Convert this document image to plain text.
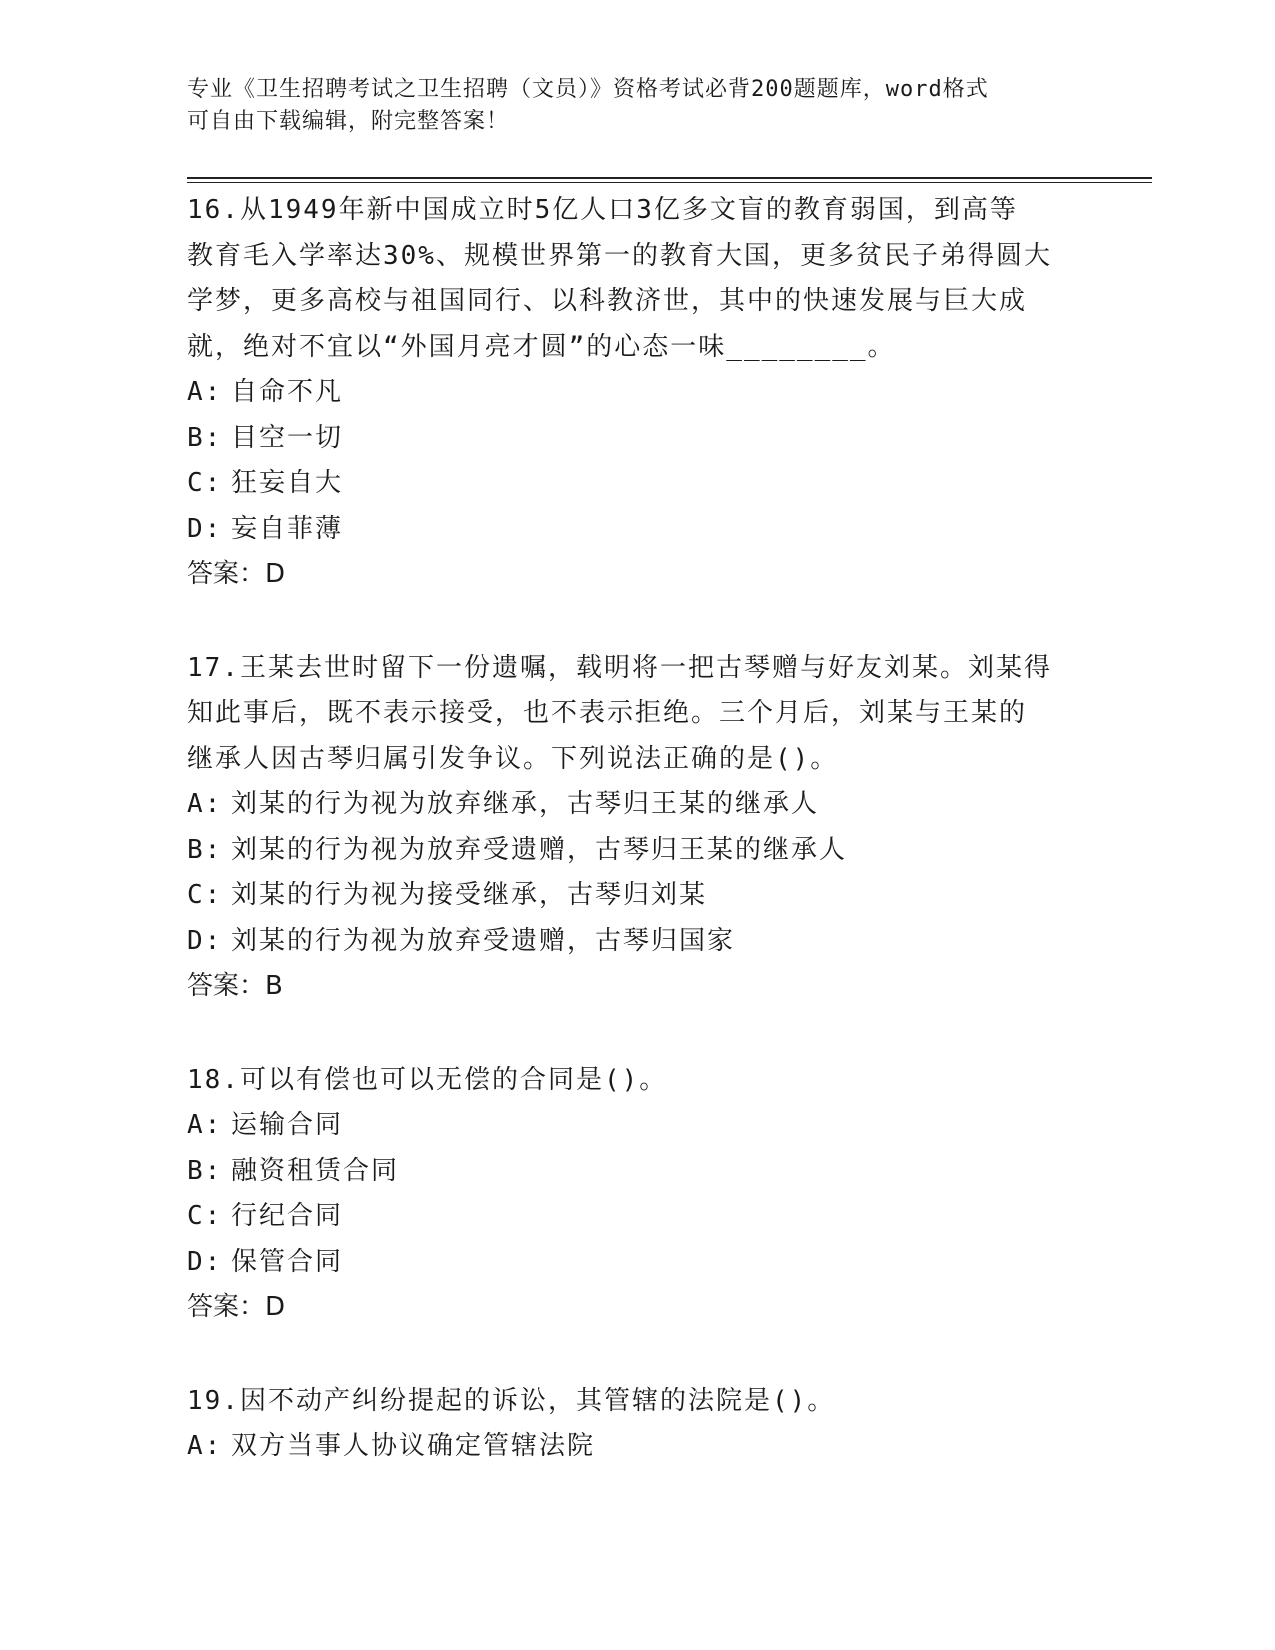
专业《卫生招聘考试之卫生招聘（文员）》资格考试必背200题题库，word格式
可自由下载编辑，附完整答案！
16.从1949年新中国成立时5亿人口3亿多文盲的教育弱国，到高等
教育毛入学率达30%、规模世界第一的教育大国，更多贫民子弟得圆大
学梦，更多高校与祖国同行、以科教济世，其中的快速发展与巨大成
就，绝对不宜以“外国月亮才圆”的心态一味________。
A: 自命不凡
B: 目空一切
C: 狂妄自大
D: 妄自菲薄
答案：D
17.王某去世时留下一份遗嘱，载明将一把古琴赠与好友刘某。刘某得
知此事后，既不表示接受，也不表示拒绝。三个月后，刘某与王某的
继承人因古琴归属引发争议。下列说法正确的是()。
A: 刘某的行为视为放弃继承，古琴归王某的继承人
B: 刘某的行为视为放弃受遗赠，古琴归王某的继承人
C: 刘某的行为视为接受继承，古琴归刘某
D: 刘某的行为视为放弃受遗赠，古琴归国家
答案：B
18.可以有偿也可以无偿的合同是()。
A: 运输合同
B: 融资租赁合同
C: 行纪合同
D: 保管合同
答案：D
19.因不动产纠纷提起的诉讼，其管辖的法院是()。
A: 双方当事人协议确定管辖法院
